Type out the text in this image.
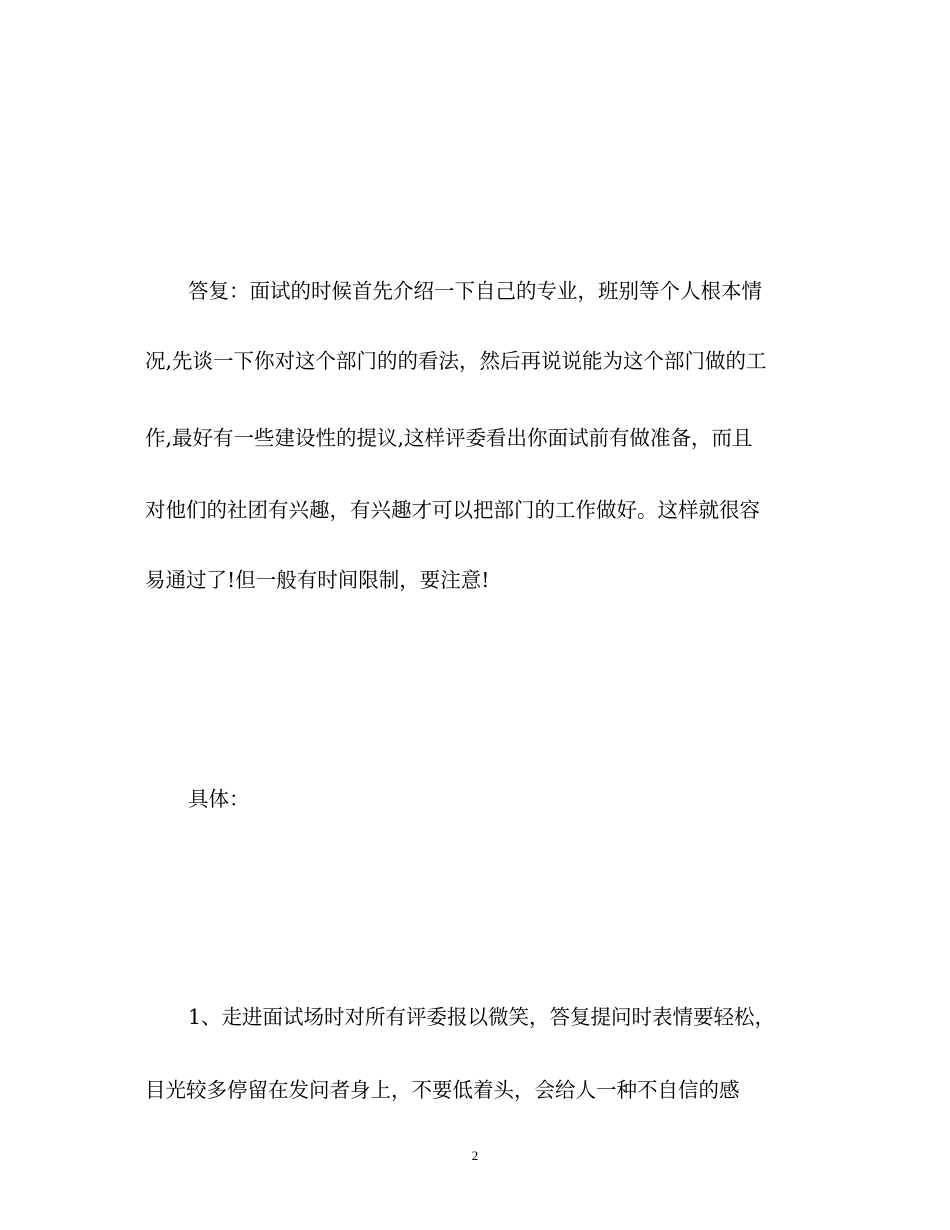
答复：面试的时候首先介绍一下自己的专业，班别等个人根本情
况,先谈一下你对这个部门的的看法，然后再说说能为这个部门做的工
作,最好有一些建设性的提议,这样评委看出你面试前有做准备，而且
对他们的社团有兴趣，有兴趣才可以把部门的工作做好。这样就很容
易通过了!但一般有时间限制，要注意!
具体：
1、走进面试场时对所有评委报以微笑，答复提问时表情要轻松，
目光较多停留在发问者身上，不要低着头，会给人一种不自信的感
2
